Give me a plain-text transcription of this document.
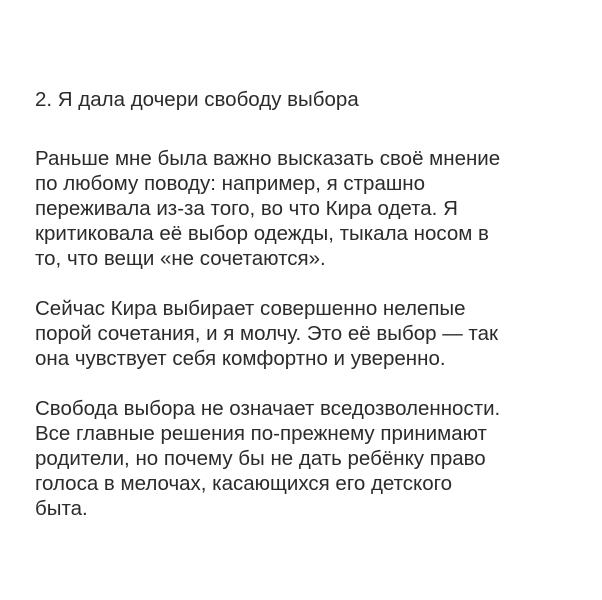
2. Я дала дочери свободу выбора
Раньше мне была важно высказать своё мнение
по любому поводу: например, я страшно
переживала из-за того, во что Кира одета. Я
критиковала её выбор одежды, тыкала носом в
то, что вещи «не сочетаются».
Сейчас Кира выбирает совершенно нелепые
порой сочетания, и я молчу. Это её выбор — так
она чувствует себя комфортно и уверенно.
Свобода выбора не означает вседозволенности.
Все главные решения по-прежнему принимают
родители, но почему бы не дать ребёнку право
голоса в мелочах, касающихся его детского
быта.
